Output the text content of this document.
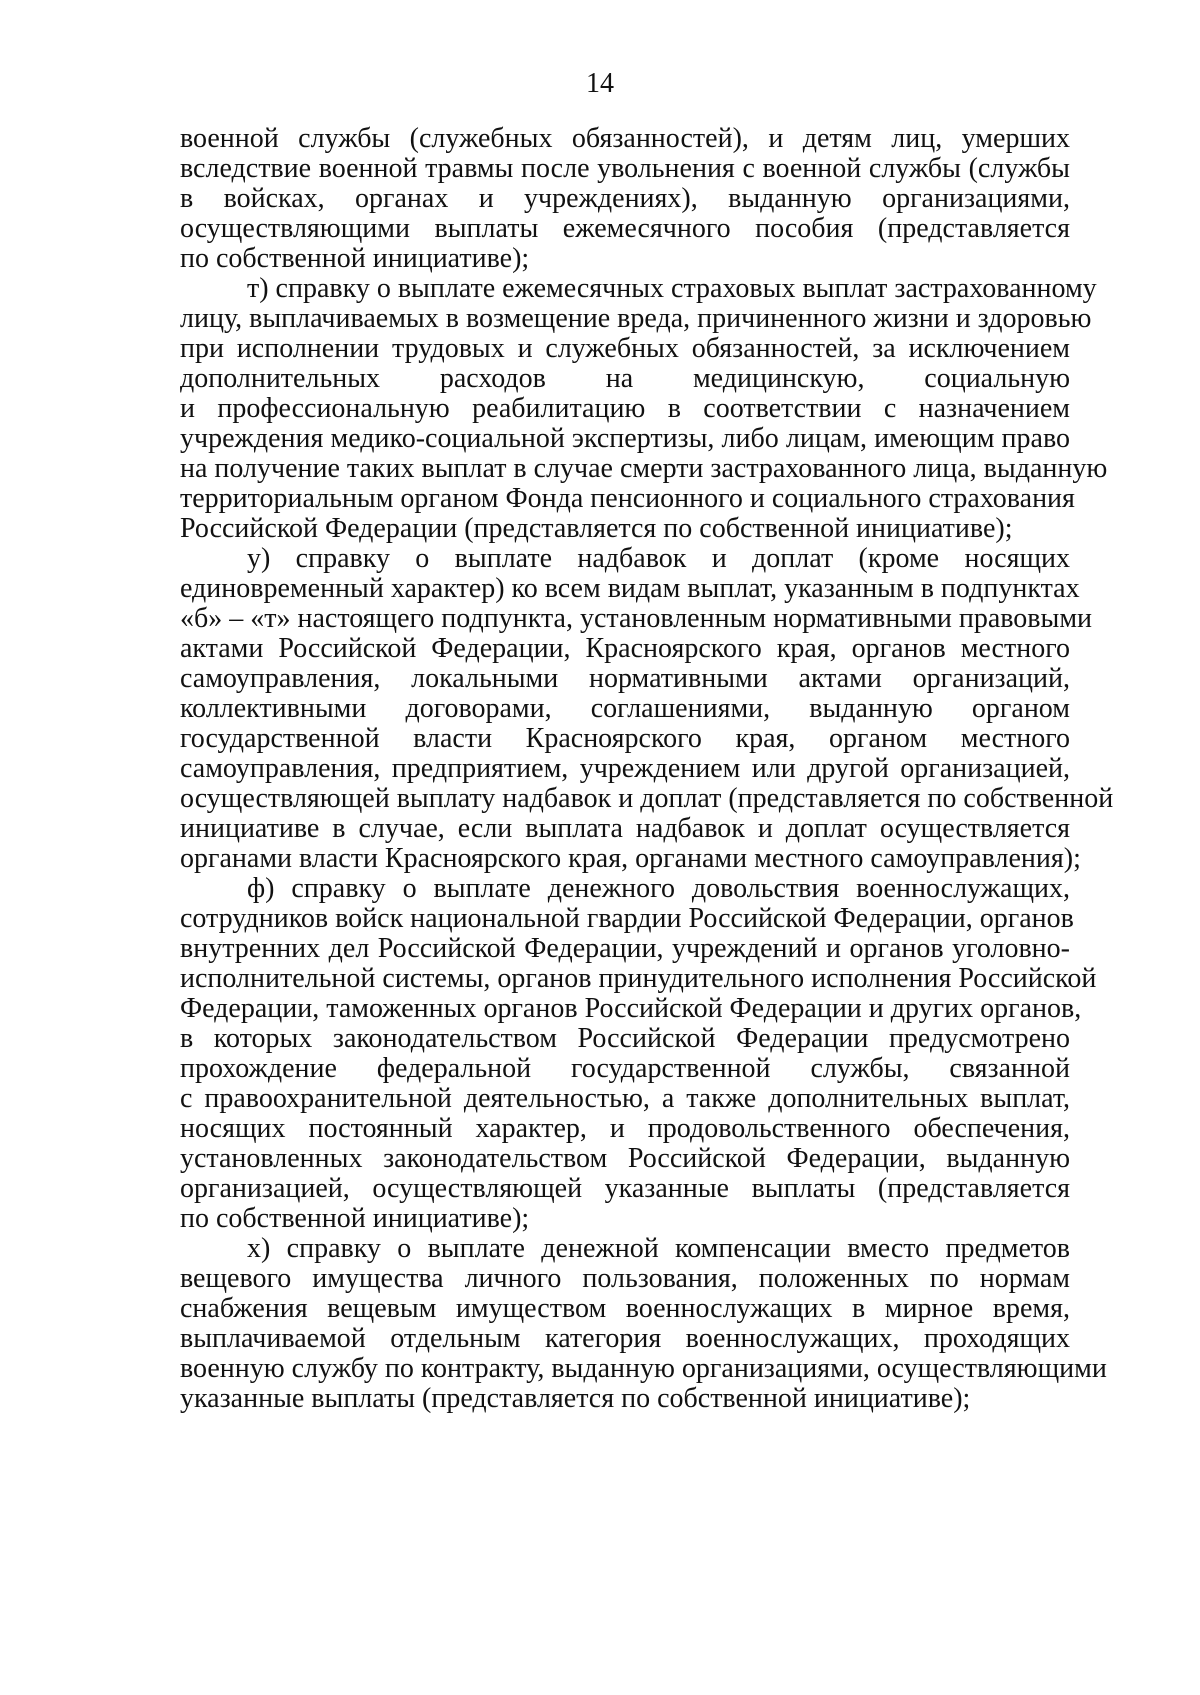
14
военной службы (служебных обязанностей), и детям лиц, умерших
вследствие военной травмы после увольнения с военной службы (службы
в войсках, органах и учреждениях), выданную организациями,
осуществляющими выплаты ежемесячного пособия (представляется
по собственной инициативе);
т) справку о выплате ежемесячных страховых выплат застрахованному
лицу, выплачиваемых в возмещение вреда, причиненного жизни и здоровью
при исполнении трудовых и служебных обязанностей, за исключением
дополнительных расходов на медицинскую, социальную
и профессиональную реабилитацию в соответствии с назначением
учреждения медико-социальной экспертизы, либо лицам, имеющим право
на получение таких выплат в случае смерти застрахованного лица, выданную
территориальным органом Фонда пенсионного и социального страхования
Российской Федерации (представляется по собственной инициативе);
у) справку о выплате надбавок и доплат (кроме носящих
единовременный характер) ко всем видам выплат, указанным в подпунктах
«б» – «т» настоящего подпункта, установленным нормативными правовыми
актами Российской Федерации, Красноярского края, органов местного
самоуправления, локальными нормативными актами организаций,
коллективными договорами, соглашениями, выданную органом
государственной власти Красноярского края, органом местного
самоуправления, предприятием, учреждением или другой организацией,
осуществляющей выплату надбавок и доплат (представляется по собственной
инициативе в случае, если выплата надбавок и доплат осуществляется
органами власти Красноярского края, органами местного самоуправления);
ф) справку о выплате денежного довольствия военнослужащих,
сотрудников войск национальной гвардии Российской Федерации, органов
внутренних дел Российской Федерации, учреждений и органов уголовно-
исполнительной системы, органов принудительного исполнения Российской
Федерации, таможенных органов Российской Федерации и других органов,
в которых законодательством Российской Федерации предусмотрено
прохождение федеральной государственной службы, связанной
с правоохранительной деятельностью, а также дополнительных выплат,
носящих постоянный характер, и продовольственного обеспечения,
установленных законодательством Российской Федерации, выданную
организацией, осуществляющей указанные выплаты (представляется
по собственной инициативе);
х) справку о выплате денежной компенсации вместо предметов
вещевого имущества личного пользования, положенных по нормам
снабжения вещевым имуществом военнослужащих в мирное время,
выплачиваемой отдельным категория военнослужащих, проходящих
военную службу по контракту, выданную организациями, осуществляющими
указанные выплаты (представляется по собственной инициативе);
